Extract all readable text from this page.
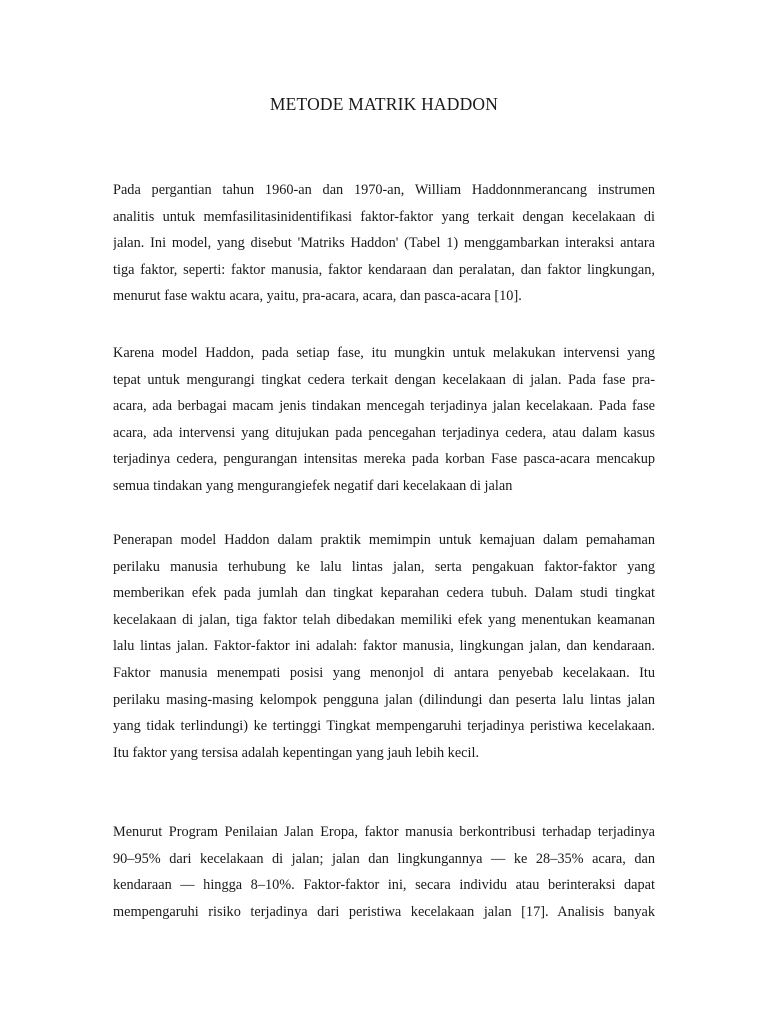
METODE MATRIK HADDON

Pada pergantian tahun 1960-an dan 1970-an, William Haddonnmerancang instrumen
analitis untuk memfasilitasinidentifikasi faktor-faktor yang terkait dengan kecelakaan di
jalan. Ini model, yang disebut 'Matriks Haddon' (Tabel 1) menggambarkan interaksi antara
tiga faktor, seperti: faktor manusia, faktor kendaraan dan peralatan, dan faktor lingkungan,
menurut fase waktu acara, yaitu, pra-acara, acara, dan pasca-acara [10].

Karena model Haddon, pada setiap fase, itu mungkin untuk melakukan intervensi yang
tepat untuk mengurangi tingkat cedera terkait dengan kecelakaan di jalan. Pada fase pra-
acara, ada berbagai macam jenis tindakan mencegah terjadinya jalan kecelakaan. Pada fase
acara, ada intervensi yang ditujukan pada pencegahan terjadinya cedera, atau dalam kasus
terjadinya cedera, pengurangan intensitas mereka pada korban Fase pasca-acara mencakup
semua tindakan yang mengurangiefek negatif dari kecelakaan di jalan

Penerapan model Haddon dalam praktik memimpin untuk kemajuan dalam pemahaman
perilaku manusia terhubung ke lalu lintas jalan, serta pengakuan faktor-faktor yang
memberikan efek pada jumlah dan tingkat keparahan cedera tubuh. Dalam studi tingkat
kecelakaan di jalan, tiga faktor telah dibedakan memiliki efek yang menentukan keamanan
lalu lintas jalan. Faktor-faktor ini adalah: faktor manusia, lingkungan jalan, dan kendaraan.
Faktor manusia menempati posisi yang menonjol di antara penyebab kecelakaan. Itu
perilaku masing-masing kelompok pengguna jalan (dilindungi dan peserta lalu lintas jalan
yang tidak terlindungi) ke tertinggi Tingkat mempengaruhi terjadinya peristiwa kecelakaan.
Itu faktor yang tersisa adalah kepentingan yang jauh lebih kecil.

Menurut Program Penilaian Jalan Eropa, faktor manusia berkontribusi terhadap terjadinya
90–95% dari kecelakaan di jalan; jalan dan lingkungannya — ke 28–35% acara, dan
kendaraan — hingga 8–10%. Faktor-faktor ini, secara individu atau berinteraksi dapat
mempengaruhi risiko terjadinya dari peristiwa kecelakaan jalan [17]. Analisis banyak
